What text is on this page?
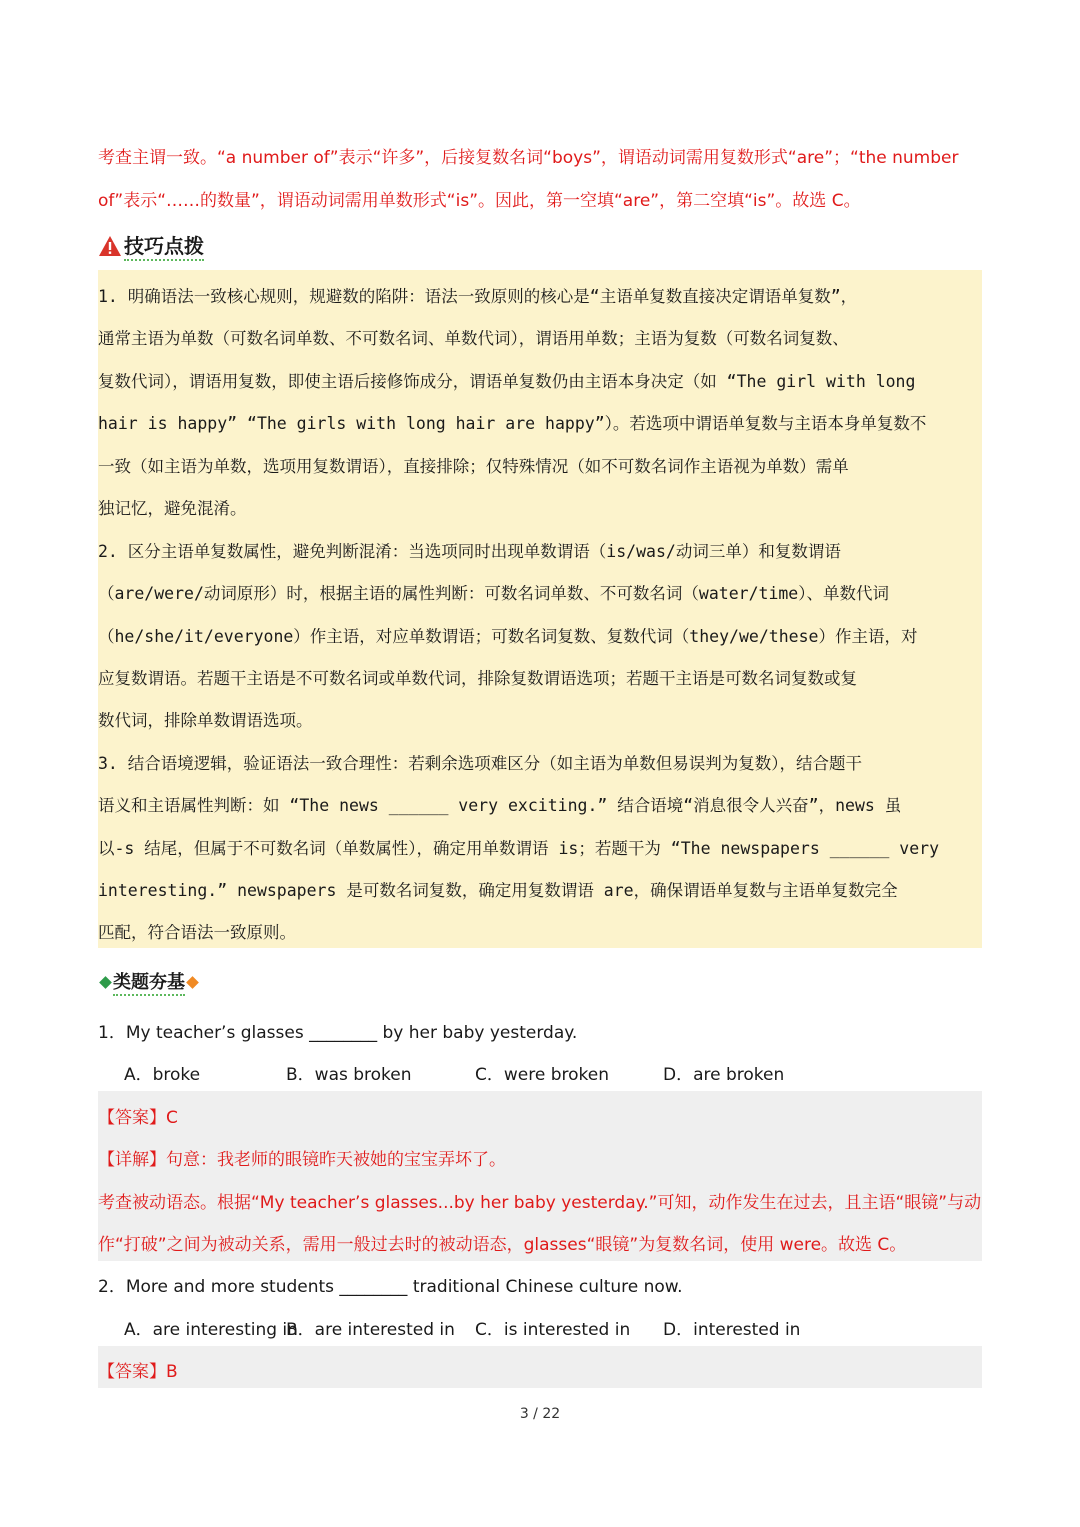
考查主谓一致。“a number of”表示“许多”，后接复数名词“boys”，谓语动词需用复数形式“are”；“the number
of”表示“……的数量”，谓语动词需用单数形式“is”。因此，第一空填“are”，第二空填“is”。故选 C。
技巧点拨
1. 明确语法一致核心规则，规避数的陷阱：语法一致原则的核心是“主语单复数直接决定谓语单复数”，
通常主语为单数（可数名词单数、不可数名词、单数代词），谓语用单数；主语为复数（可数名词复数、
复数代词），谓语用复数，即使主语后接修饰成分，谓语单复数仍由主语本身决定（如 “The girl with long
hair is happy” “The girls with long hair are happy”）。若选项中谓语单复数与主语本身单复数不
一致（如主语为单数，选项用复数谓语），直接排除；仅特殊情况（如不可数名词作主语视为单数）需单
独记忆，避免混淆。
2. 区分主语单复数属性，避免判断混淆：当选项同时出现单数谓语（is/was/动词三单）和复数谓语
（are/were/动词原形）时，根据主语的属性判断：可数名词单数、不可数名词（water/time）、单数代词
（he/she/it/everyone）作主语，对应单数谓语；可数名词复数、复数代词（they/we/these）作主语，对
应复数谓语。若题干主语是不可数名词或单数代词，排除复数谓语选项；若题干主语是可数名词复数或复
数代词，排除单数谓语选项。
3. 结合语境逻辑，验证语法一致合理性：若剩余选项难区分（如主语为单数但易误判为复数），结合题干
语义和主语属性判断：如 “The news ______ very exciting.” 结合语境“消息很令人兴奋”，news 虽
以-s 结尾，但属于不可数名词（单数属性），确定用单数谓语 is；若题干为 “The newspapers ______ very
interesting.” newspapers 是可数名词复数，确定用复数谓语 are，确保谓语单复数与主语单复数完全
匹配，符合语法一致原则。
类题夯基
1．My teacher’s glasses ________ by her baby yesterday.
A．broke	B．was broken	C．were broken	D．are broken
【答案】C
【详解】句意：我老师的眼镜昨天被她的宝宝弄坏了。
考查被动语态。根据“My teacher’s glasses...by her baby yesterday.”可知，动作发生在过去，且主语“眼镜”与动
作“打破”之间为被动关系，需用一般过去时的被动语态，glasses“眼镜”为复数名词，使用 were。故选 C。
2．More and more students ________ traditional Chinese culture now.
A．are interesting in
B．are interested in C．is interested in D．interested in
【答案】B
3 / 22
